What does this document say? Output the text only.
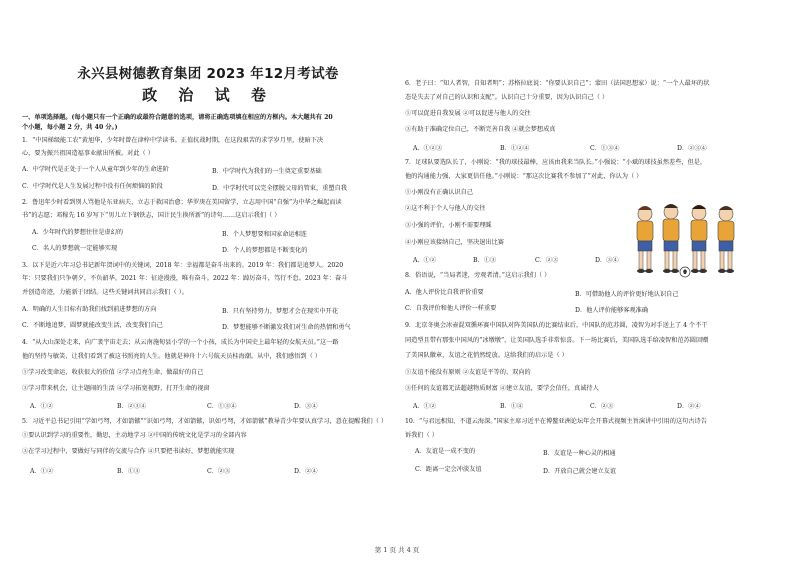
永兴县树德教育集团 2023 年12月考试卷
政 治 试 卷
一、单项选择题。(每小题只有一个正确的或最符合题意的选项，请将正确选项填在相应的方框内。本大题共有 20
个小题，每小题 2 分，共 40 分。)
1．“中国梯级能工农”黄旭华，少年时曾在津梓中学读书。正值抗战时期，在这段艰苦的求学岁月里，使暗下决
心，要为振兴祖国造福事业献出所被。对此（ ）
A．中学时代是正处于一个人从童年到少年的生命进阶	B．中学时代为我们的一生奠定重要基础
C．中学时代是人生发展过程中没有任何烦恼的阶段	D．中学时代可以完全摆脱父母的管束，重塑自我
2．鲁迅年少时看到别人骂他是东亚病夫，立志于救国治愈；华罗庚在美国留学，立志用中国“自强”为中华之崛起而读
书”的志愿；邓稼先 16 岁写下“男儿立下钢铁志，国计民生换所新”的诗句……这启示我们（ ）
A．少年时代的梦想往往是虚幻的	B．个人梦想要和国家命运相连
C．名人的梦想就一定能够实现	D．个人的梦想都是不断变化的
3．以下是近六年习总书记新年贺词中的关键词，2018 年：幸福都是奋斗出来的。2019 年：我们都是追梦人。2020
年：只要我们只争朝夕，不负韶华。2021 年：征途漫漫，唯有奋斗。2022 年：踔厉奋斗，笃行不怠。2023 年：奋斗
并创造奇迹，力能新于团结。这些关键词共同启示我们（ ）。
A．明确的人生目标有助我们找到前进梦想的方向	B．只有坚持努力，梦想才会在现实中开花
C．不断地追梦，圆梦就能改变生活，改变我们自己	D．梦想能够不断激发我们对生命的热情和勇气
4．“从大山深处走来，向广袤宇宙走去；从云南施甸县小学的一个小孩，成长为中国史上最年轻的女航天员。”这一路
他的坚持与敏笑，让我们看到了被这书照亮的人生。他就是神舟十六号航天员桂海潮。从中，我们感悟到（ ）
①学习改变命运，收获很大的价值 ②学习点亮生命，做最好的自己
③学习带来机会，让主题闹的生活 ④学习拓宽视野，打开生命的视窗
A．①②	B．②③④	C．①③④	D．③④
5．习近平总书记引用“学如弓弩，才如箭镞”“识如弓弩，才如箭镞，识如弓弩，才如箭镞”教导青少年要认真学习，意在提醒我们（ ）
①要认识到学习的重要性，勤思，主动地学习 ②中国的传统文化是学习的全部内容
③在学习过程中，要做好与同伴的交流与合作 ④只要把书读好，梦想就能实现
A．①②	B．①③	C．②③	D．②④
6．老子曰：“知人者智，自知者明”；苏格拉底说：“你要认识自己”；蒙田（法国思想家）说：“一个人最坏的状
态是失去了对自己的认识和支配”。认识自己十分重要，因为认识自己（ ）
①可以促进自我发展 ②可以促进与他人的交往
③有助于准确定位自己，不断完善自我 ④就会梦想成真
A．①②③	B．①②④	C．①③④	D．②③④
7．足球队要选队长了，小刚说：“我的球技最棒，应该由我来当队长。”小强说：“小斌的球技虽然差些，但是，
他的沟通能力强，大家更信任他。”小刚说：“那这次比赛我不参加了”对此，你认为（ ）
①小刚没有正确认识自己
②这不利于个人与他人的交往
③小强的评价，小刚不需要理睬
④小刚应该接纳自己，坚决退出比赛
A．①②	B．①③	C．②③	D．③④
8．俗语说，“当局者迷，旁观者清。”这启示我们（ ）
A．他人评价比自我评价重要	B．可借助他人的评价更好地认识自己
C．自我评价和他人评价一样重要	D．他人评价能够客观准确
9．北京冬奥会冰壶混双循环赛中国队对阵美国队的比赛结束后，中国队的范苏圆，凌智为对手送上了 4 个不干
同造型且带有那张中国风的“冰墩墩”，让美国队选手非常惊喜。下一场比赛后，美国队选手给凌智和范苏圆回赠
了美国队徽章，友谊之花悄然绽放。这给我们的启示是（ ）
①友谊不能没有原则 ②友谊是平等的、双向的
③任何的友谊都无法超越物质财富 ④建立友谊，要学会信任，真诚待人
A．①②	B．①④	C．②③	D．②④
10．“与君远相知，不道云海深。”国家主席习近平在博鳌亚洲论坛年会开幕式视频主旨演讲中引用的这句古诗告
诉我们（ ）
A．友谊是一成不变的	B．友谊是一种心灵的相通
C．距离一定会冲淡友谊	D．开放自己就会建立友谊
第 1 页 共 4 页
